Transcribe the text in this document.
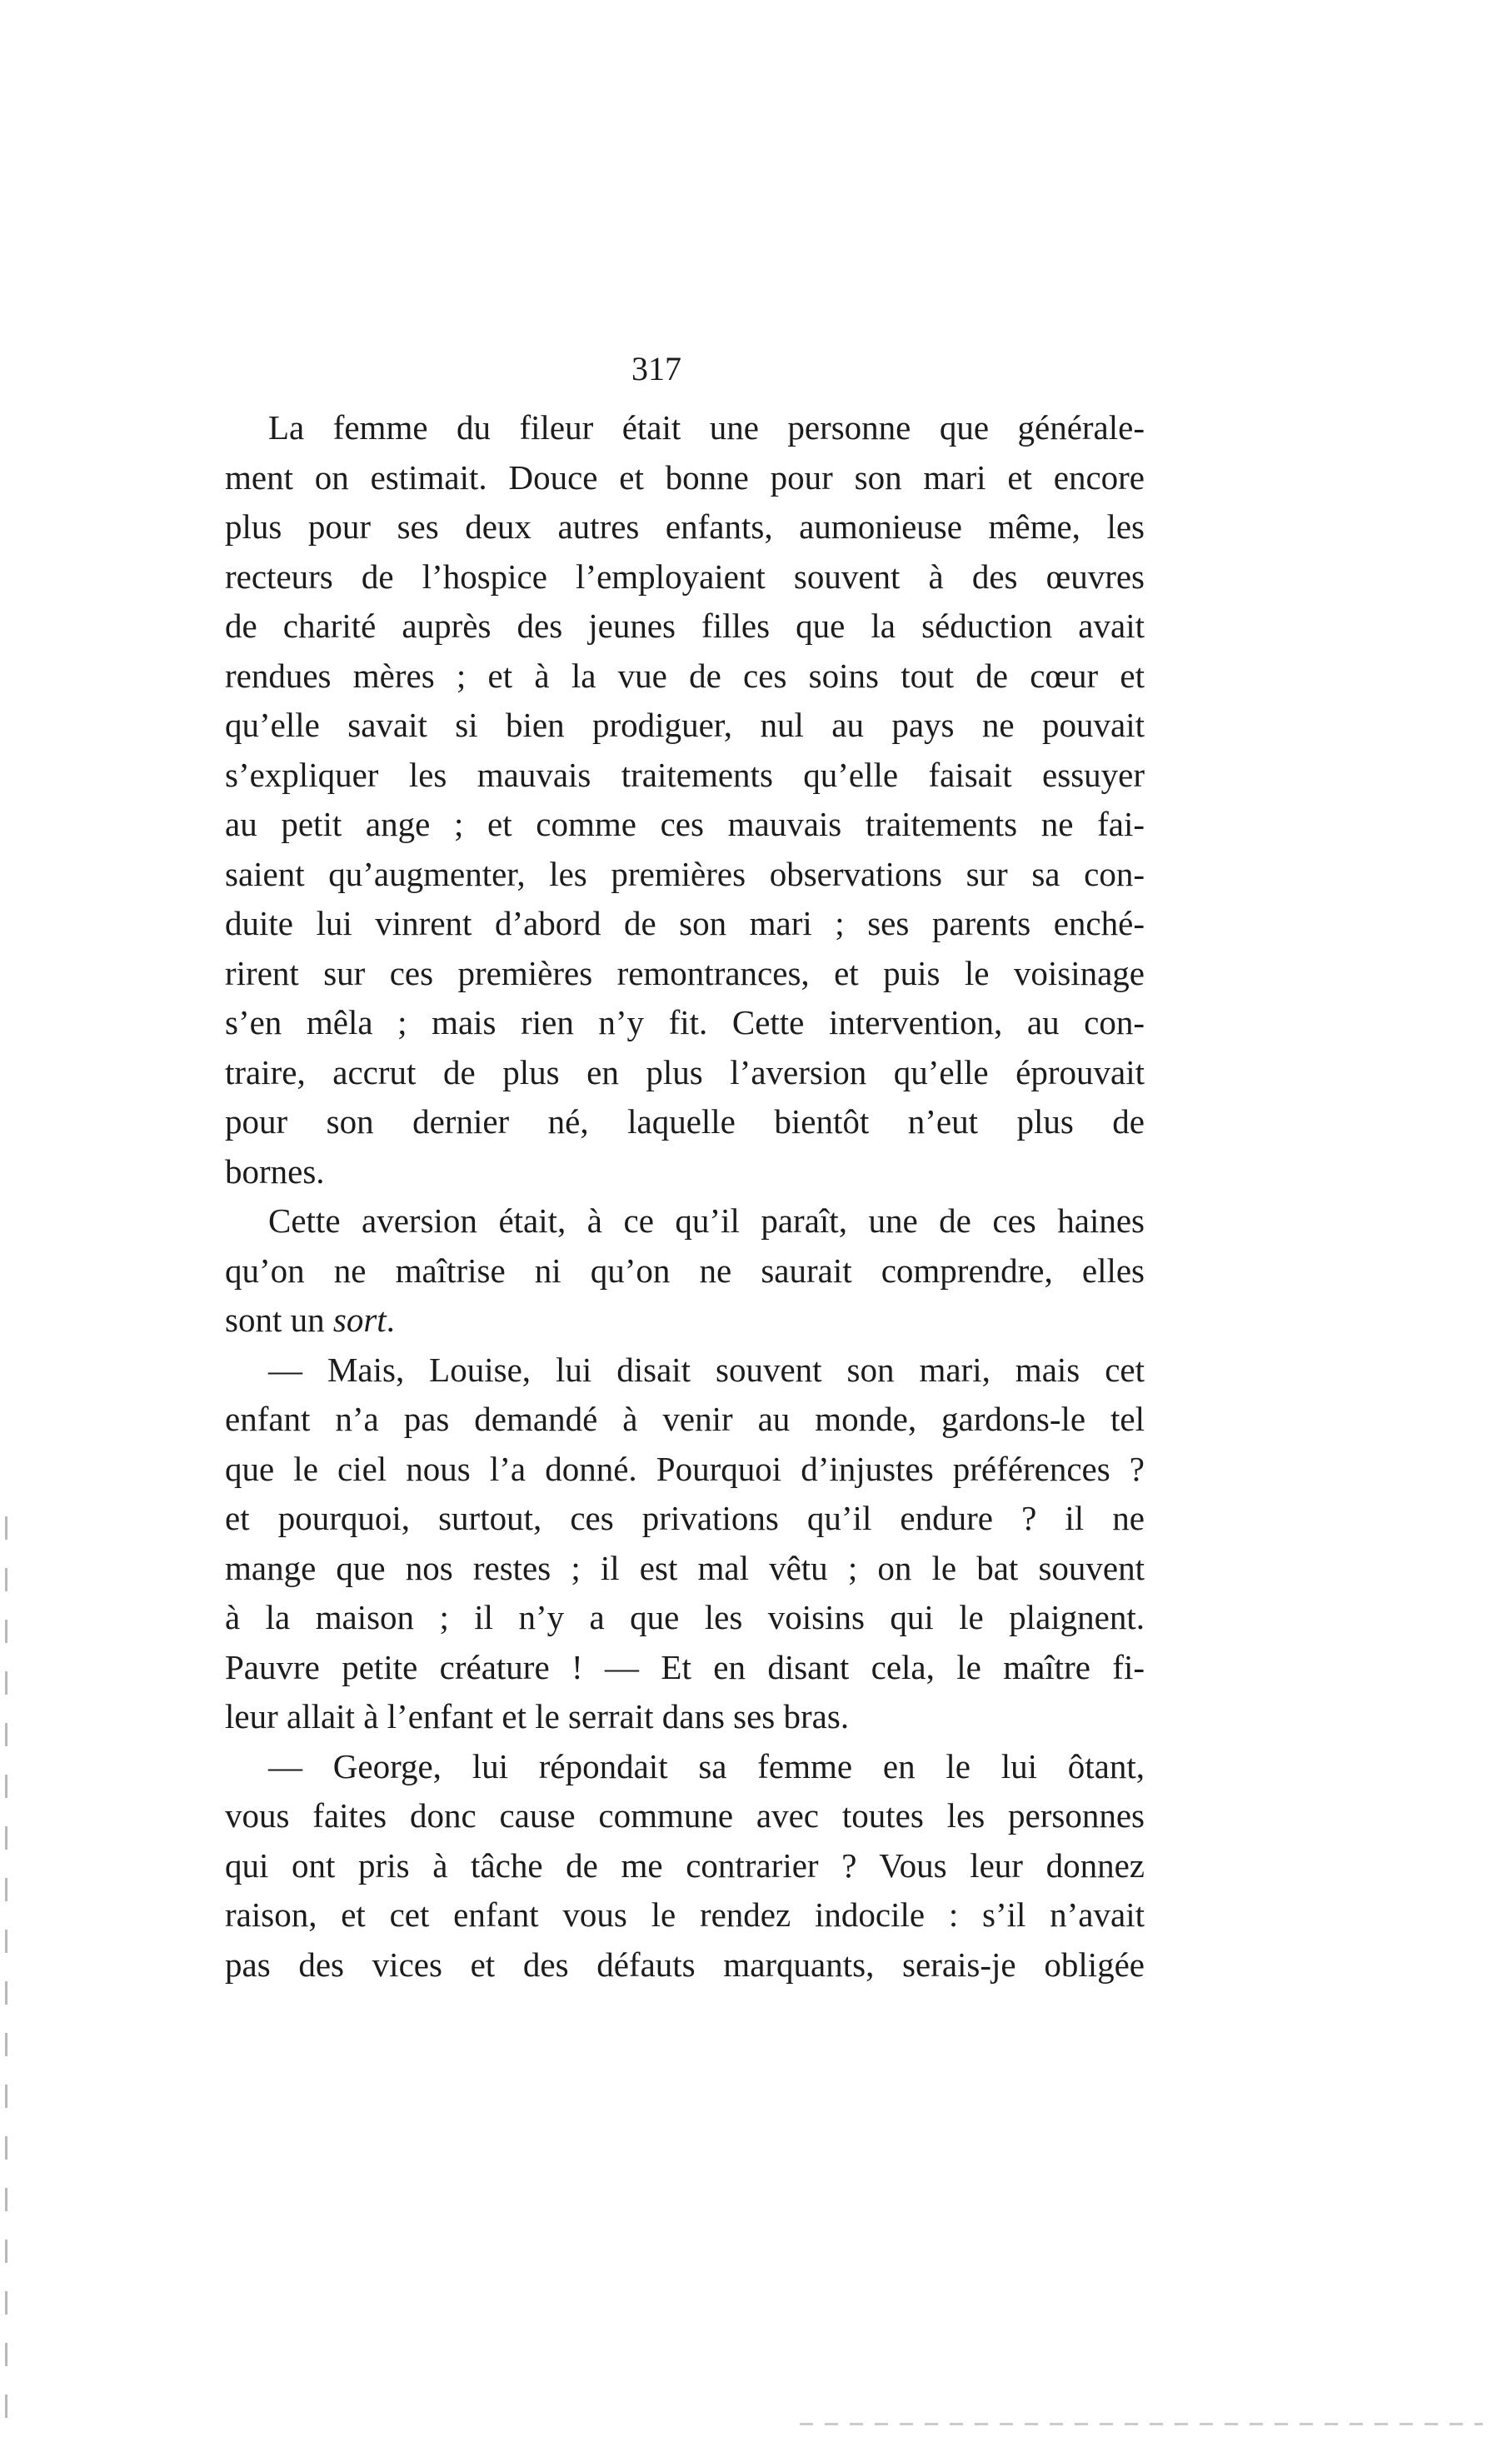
317
La femme du fileur était une personne que générale-
ment on estimait. Douce et bonne pour son mari et encore
plus pour ses deux autres enfants, aumonieuse même, les
recteurs de l’hospice l’employaient souvent à des œuvres
de charité auprès des jeunes filles que la séduction avait
rendues mères ; et à la vue de ces soins tout de cœur et
qu’elle savait si bien prodiguer, nul au pays ne pouvait
s’expliquer les mauvais traitements qu’elle faisait essuyer
au petit ange ; et comme ces mauvais traitements ne fai-
saient qu’augmenter, les premières observations sur sa con-
duite lui vinrent d’abord de son mari ; ses parents enché-
rirent sur ces premières remontrances, et puis le voisinage
s’en mêla ; mais rien n’y fit. Cette intervention, au con-
traire, accrut de plus en plus l’aversion qu’elle éprouvait
pour son dernier né, laquelle bientôt n’eut plus de
bornes.
Cette aversion était, à ce qu’il paraît, une de ces haines
qu’on ne maîtrise ni qu’on ne saurait comprendre, elles
sont un sort.
— Mais, Louise, lui disait souvent son mari, mais cet
enfant n’a pas demandé à venir au monde, gardons-le tel
que le ciel nous l’a donné. Pourquoi d’injustes préférences ?
et pourquoi, surtout, ces privations qu’il endure ? il ne
mange que nos restes ; il est mal vêtu ; on le bat souvent
à la maison ; il n’y a que les voisins qui le plaignent.
Pauvre petite créature ! — Et en disant cela, le maître fi-
leur allait à l’enfant et le serrait dans ses bras.
— George, lui répondait sa femme en le lui ôtant,
vous faites donc cause commune avec toutes les personnes
qui ont pris à tâche de me contrarier ? Vous leur donnez
raison, et cet enfant vous le rendez indocile : s’il n’avait
pas des vices et des défauts marquants, serais-je obligée
